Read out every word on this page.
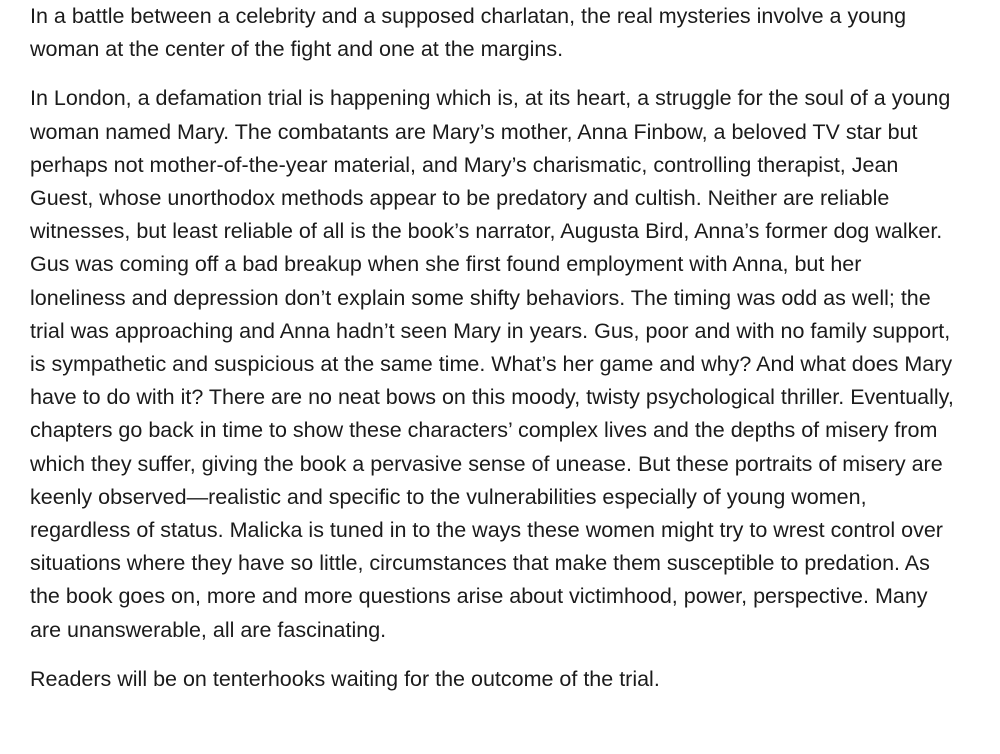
In a battle between a celebrity and a supposed charlatan, the real mysteries involve a young woman at the center of the fight and one at the margins.

In London, a defamation trial is happening which is, at its heart, a struggle for the soul of a young woman named Mary. The combatants are Mary’s mother, Anna Finbow, a beloved TV star but perhaps not mother-of-the-year material, and Mary’s charismatic, controlling therapist, Jean Guest, whose unorthodox methods appear to be predatory and cultish. Neither are reliable witnesses, but least reliable of all is the book’s narrator, Augusta Bird, Anna’s former dog walker. Gus was coming off a bad breakup when she first found employment with Anna, but her loneliness and depression don’t explain some shifty behaviors. The timing was odd as well; the trial was approaching and Anna hadn’t seen Mary in years. Gus, poor and with no family support, is sympathetic and suspicious at the same time. What’s her game and why? And what does Mary have to do with it? There are no neat bows on this moody, twisty psychological thriller. Eventually, chapters go back in time to show these characters’ complex lives and the depths of misery from which they suffer, giving the book a pervasive sense of unease. But these portraits of misery are keenly observed—realistic and specific to the vulnerabilities especially of young women, regardless of status. Malicka is tuned in to the ways these women might try to wrest control over situations where they have so little, circumstances that make them susceptible to predation. As the book goes on, more and more questions arise about victimhood, power, perspective. Many are unanswerable, all are fascinating.

Readers will be on tenterhooks waiting for the outcome of the trial.
